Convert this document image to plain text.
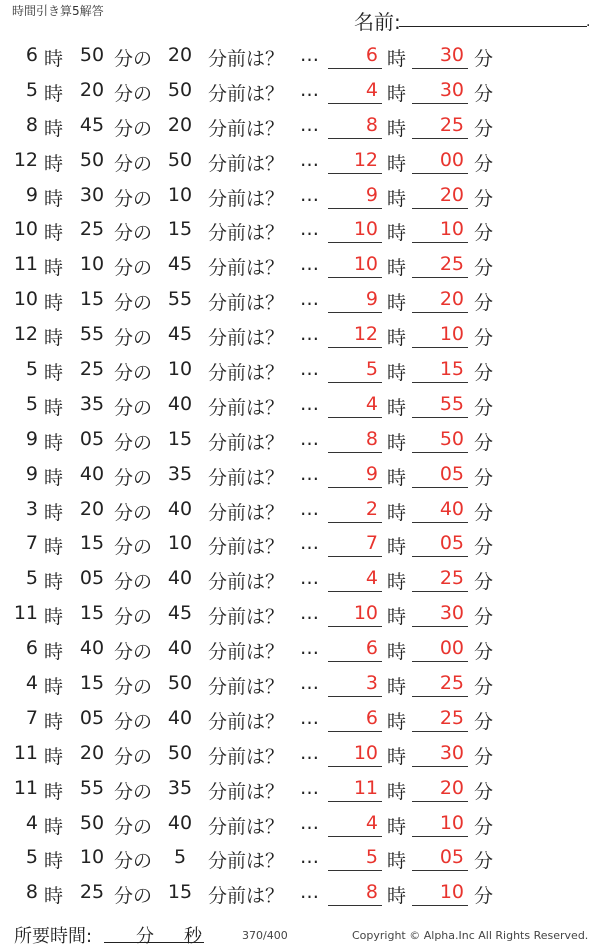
時間引き算5解答	名前:	.
6 時 50 分の 20 分前は？ …	6 時	30 分
5 時 20 分の 50 分前は？ …	4 時	30 分
8 時 45 分の 20 分前は？ …	8 時	25 分
12 時 50 分の 50 分前は？ …	12 時	00 分
9 時 30 分の 10 分前は？ …	9 時	20 分
10 時 25 分の 15 分前は？ …	10 時	10 分
11 時 10 分の 45 分前は？ …	10 時	25 分
10 時 15 分の 55 分前は？ …	9 時	20 分
12 時 55 分の 45 分前は？ …	12 時	10 分
5 時 25 分の 10 分前は？ …	5 時	15 分
5 時 35 分の 40 分前は？ …	4 時	55 分
9 時 05 分の 15 分前は？ …	8 時	50 分
9 時 40 分の 35 分前は？ …	9 時	05 分
3 時 20 分の 40 分前は？ …	2 時	40 分
7 時 15 分の 10 分前は？ …	7 時	05 分
5 時 05 分の 40 分前は？ …	4 時	25 分
11 時 15 分の 45 分前は？ …	10 時	30 分
6 時 40 分の 40 分前は？ …	6 時	00 分
4 時 15 分の 50 分前は？ …	3 時	25 分
7 時 05 分の 40 分前は？ …	6 時	25 分
11 時 20 分の 50 分前は？ …	10 時	30 分
11 時 55 分の 35 分前は？ …	11 時	20 分
4 時 50 分の 40 分前は？ …	4 時	10 分
5 時 10 分の	5	分前は？ …	5 時	05 分
8 時 25 分の 15 分前は？ …	8 時	10 分
所要時間: 分 秒	370/400	Copyright © Alpha.Inc All Rights Reserved.
